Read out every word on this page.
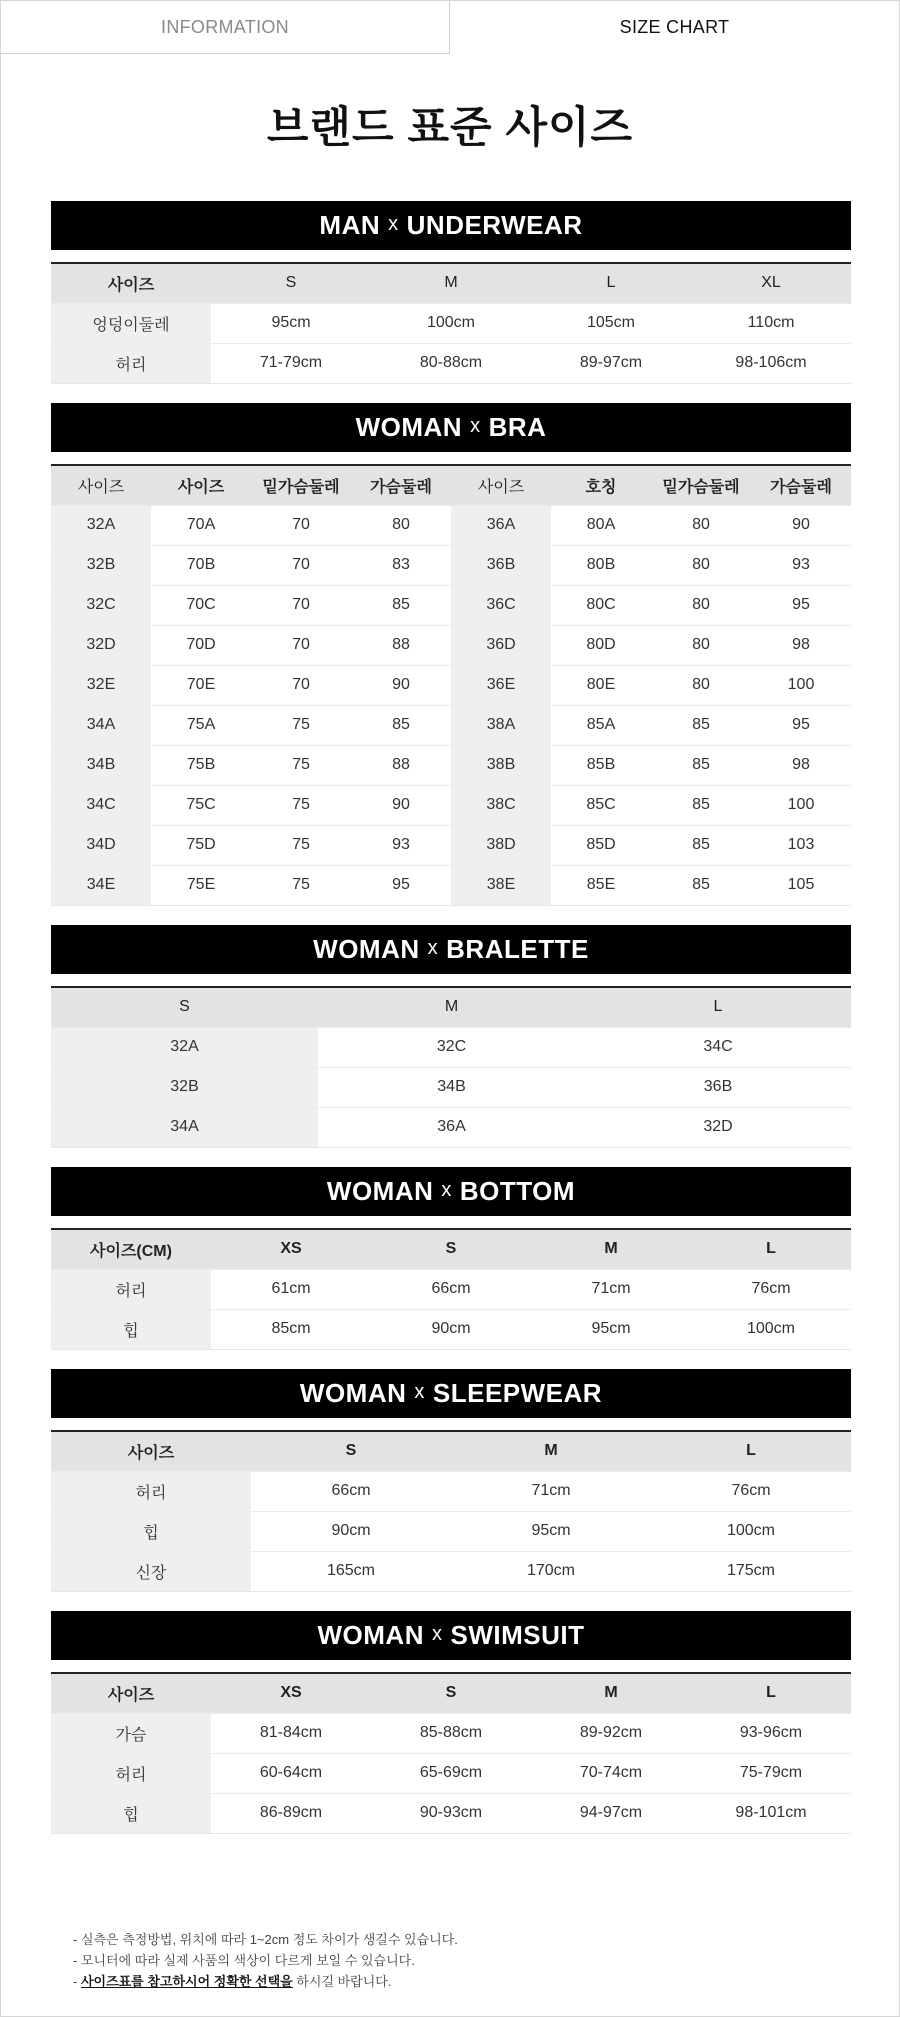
INFORMATION	SIZE CHART
브랜드 표준 사이즈
MAN x UNDERWEAR
사이즈	S	M	L	XL
엉덩이둘레	95cm	100cm	105cm	110cm
허리	71-79cm	80-88cm	89-97cm	98-106cm
WOMAN x BRA
사이즈	사이즈	밑가슴둘레	가슴둘레	사이즈	호칭	밑가슴둘레	가슴둘레
32A	70A	70	80	36A	80A	80	90
32B	70B	70	83	36B	80B	80	93
32C	70C	70	85	36C	80C	80	95
32D	70D	70	88	36D	80D	80	98
32E	70E	70	90	36E	80E	80	100
34A	75A	75	85	38A	85A	85	95
34B	75B	75	88	38B	85B	85	98
34C	75C	75	90	38C	85C	85	100
34D	75D	75	93	38D	85D	85	103
34E	75E	75	95	38E	85E	85	105
WOMAN x BRALETTE
S	M	L
32A	32C	34C
32B	34B	36B
34A	36A	32D
WOMAN x BOTTOM
사이즈(CM)	XS	S	M	L
허리	61cm	66cm	71cm	76cm
힙	85cm	90cm	95cm	100cm
WOMAN x SLEEPWEAR
사이즈	S	M	L
허리	66cm	71cm	76cm
힙	90cm	95cm	100cm
신장	165cm	170cm	175cm
WOMAN x SWIMSUIT
사이즈	XS	S	M	L
가슴	81-84cm	85-88cm	89-92cm	93-96cm
허리	60-64cm	65-69cm	70-74cm	75-79cm
힙	86-89cm	90-93cm	94-97cm	98-101cm
- 실측은 측정방법, 위치에 따라 1~2cm 정도 차이가 생길수 있습니다.
- 모니터에 따라 실제 사품의 색상이 다르게 보일 수 있습니다.
- 사이즈표를 참고하시어 정확한 선택을 하시길 바랍니다.
